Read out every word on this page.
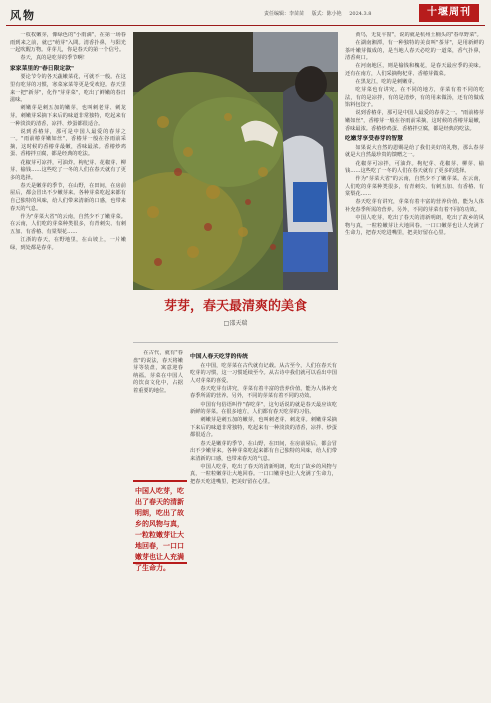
风物	责任编辑：李苗苗 版式：陈小艳 2024.3.8	十堰周刊

一枚枚嫩芽，像绿色的"小雨滴"，在第一场春雨到来之前，就已"萌芽"入間。清香扑鼻，与阳光一起吹醒万物。芽芽儿，你是春天的第一个信号。

春天，真的是吃芽的季节啊！

家家菜里的"春日限定款"

要论节令的各天蔬嫩菜花，可就不一般。在这里有吃芽的习惯，寒菜家菜等更是受欢迎。春天里来一把"新芽"，化作"芽芽菜"，吃出了鲜嫩的春日滋味。

刺嫩芽是刺五加的嫩芽，也叫刺老芽、刺龙芽。刺嫩芽采摘下来后的味道非常独特，吃起来有一种淡淡的清香，凉拌、炒蛋都很适合。

说到香椿芽，那可是中国人最爱的春芽之一。"雨前椿芽嫩如丝"，香椿芽一般在谷雨前采摘，这时候的香椿芽最嫩，香味最浓。香椿炒鸡蛋、香椿拌豆腐，都是经典的吃法。

花椒芽可凉拌，可油炸。枸杞芽、花椒芽、柳芽、榆钱……这些吃了一冬的人们在春天就有了更多的选择。

春天是嫩芽的季节，在山野，在田间，在房前屋后，都会冒出不少嫩芽来。各种芽菜吃起来都有自己独特的风味，给人们带来清新的口感，也带来春天的气息。

作为"芽菜大省"的云南，自然少不了嫩芽菜。在云南，人们吃的芽菜种类很多，有青刺尖、有刺五加、有香椿、有棠梨花……

江浙的春天，在野地里，在山坡上，一片嫩绿，到处都是春芽。

芽芽，春天最清爽的美食
□邵天瑞

在古代，就有"春盘"的说法，春天将嫩芽等装盘，寓意迎春纳福。芽菜在中国人的饮食文化中，占据着重要的地位。

中国人吃芽，吃出了春天的清新明朗，吃出了故乡的风物与真，一粒粒嫩芽让大地回春，一口口嫩芽也让人充满了生命力。
中国人春天吃芽的传统

在中国，吃芽菜在古代就有记载。从古至今，人们在春天有吃芽的习惯，这一习惯延续至今。从古诗中我们就可以看出中国人对芽菜的喜爱。

春天吃芽有讲究，芽菜有着丰富的营养价值，能为人体补充春季所需的营养。另外，不同的芽菜有着不同的功效。

中国有句俗语叫作"春吃芽"，这句话说的就是春天最应该吃新鲜的芽菜。在很多地方，人们都有春天吃芽的习俗。

刺嫩芽是刺五加的嫩芽，也叫刺老芽、刺龙芽。刺嫩芽采摘下来后的味道非常独特，吃起来有一种淡淡的清香，凉拌、炒蛋都很适合。

春天是嫩芽的季节，在山野，在田间，在房前屋后，都会冒出不少嫩芽来。各种芽菜吃起来都有自己独特的风味，给人们带来清新的口感，也带来春天的气息。

中国人吃芽，吃出了春天的清新明朗，吃出了故乡的风物与真，一粒粒嫩芽让大地回春。一口口嫩芽也让人充满了生命力，把春天吃进嘴里，把美好留在心里。

黄鸟，无复平窗"，说的就是杭州土楠头的"春草野菜"。

在湖南湘潭，有一种独特的美食叫"茶芽"，是用新鲜的茶叶嫩芽做成的，是当地人春天必吃的一道菜，香气扑鼻，清香爽口。

在河南地区，则是榆钱和槐花，是春天最应季的美味。还有在南方，人们采摘枸杞芽、香椿芽做菜。

在黑龙江，吃的是刺嫩芽。

吃芽菜也有讲究。在不同的地方，芽菜有着不同的吃法，有的是凉拌，有的是清炒，有的用来做汤，还有的做成馅料包饺子。

说到香椿芽，那可是中国人最爱的春芽之一。"雨前椿芽嫩如丝"，香椿芽一般在谷雨前采摘，这时候的香椿芽最嫩，香味最浓。香椿炒鸡蛋、香椿拌豆腐，都是经典的吃法。

吃嫩芽享受春芽的智慧

如果说大自然的恩赐是给了我们美好的礼物，那么春芽就是大自然最珍贵的馈赠之一。

花椒芽可凉拌，可油炸。枸杞芽、花椒芽、柳芽、榆钱……这些吃了一冬的人们在春天就有了更多的选择。

作为"芽菜大省"的云南，自然少不了嫩芽菜。在云南，人们吃的芽菜种类很多，有青刺尖、有刺五加、有香椿、有棠梨花……

春天吃芽有讲究，芽菜有着丰富的营养价值，能为人体补充春季所需的营养。另外，不同的芽菜有着不同的功效。

中国人吃芽，吃出了春天的清新明朗，吃出了故乡的风物与真，一粒粒嫩芽让大地回春。一口口嫩芽也让人充满了生命力，把春天吃进嘴里，把美好留在心里。
